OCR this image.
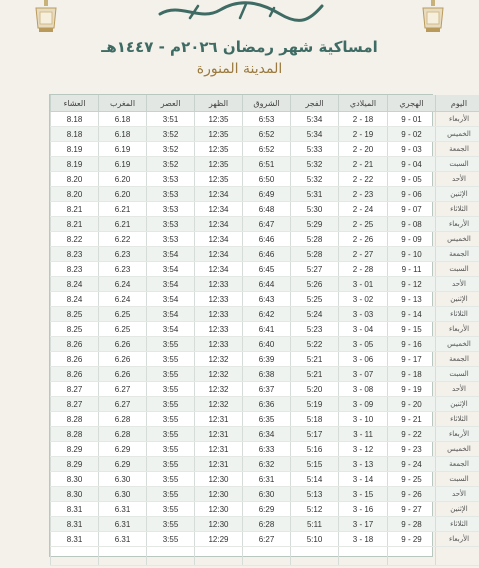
امساكية شهر رمضان ٢٠٢٦م - ١٤٤٧هـ
المدينة المنورة
اليوم	الهجري	الميلادي	الفجر	الشروق	الظهر	العصر	المغرب	العشاء
الأربعاء	9 - 01	2 - 18	5:34	6:53	12:35	3:51	6.18	8.18
الخميس	9 - 02	2 - 19	5:34	6:52	12:35	3:52	6.18	8.18
الجمعة	9 - 03	2 - 20	5:33	6:52	12:35	3:52	6.19	8.19
السبت	9 - 04	2 - 21	5:32	6:51	12:35	3:52	6.19	8.19
الأحد	9 - 05	2 - 22	5:32	6:50	12:35	3:53	6.20	8.20
الإثنين	9 - 06	2 - 23	5:31	6:49	12:34	3:53	6.20	8.20
الثلاثاء	9 - 07	2 - 24	5:30	6:48	12:34	3:53	6.21	8.21
الأربعاء	9 - 08	2 - 25	5:29	6:47	12:34	3:53	6.21	8.21
الخميس	9 - 09	2 - 26	5:28	6:46	12:34	3:53	6.22	8.22
الجمعة	9 - 10	2 - 27	5:28	6:46	12:34	3:54	6.23	8.23
السبت	9 - 11	2 - 28	5:27	6:45	12:34	3:54	6.23	8.23
الأحد	9 - 12	3 - 01	5:26	6:44	12:33	3:54	6.24	8.24
الإثنين	9 - 13	3 - 02	5:25	6:43	12:33	3:54	6.24	8.24
الثلاثاء	9 - 14	3 - 03	5:24	6:42	12:33	3:54	6.25	8.25
الأربعاء	9 - 15	3 - 04	5:23	6:41	12:33	3:54	6.25	8.25
الخميس	9 - 16	3 - 05	5:22	6:40	12:33	3:55	6.26	8.26
الجمعة	9 - 17	3 - 06	5:21	6:39	12:32	3:55	6.26	8.26
السبت	9 - 18	3 - 07	5:21	6:38	12:32	3:55	6.26	8.26
الأحد	9 - 19	3 - 08	5:20	6:37	12:32	3:55	6.27	8.27
الإثنين	9 - 20	3 - 09	5:19	6:36	12:32	3:55	6.27	8.27
الثلاثاء	9 - 21	3 - 10	5:18	6:35	12:31	3:55	6.28	8.28
الأربعاء	9 - 22	3 - 11	5:17	6:34	12:31	3:55	6.28	8.28
الخميس	9 - 23	3 - 12	5:16	6:33	12:31	3:55	6.29	8.29
الجمعة	9 - 24	3 - 13	5:15	6:32	12:31	3:55	6.29	8.29
السبت	9 - 25	3 - 14	5:14	6:31	12:30	3:55	6.30	8.30
الأحد	9 - 26	3 - 15	5:13	6:30	12:30	3:55	6.30	8.30
الإثنين	9 - 27	3 - 16	5:12	6:29	12:30	3:55	6.31	8.31
الثلاثاء	9 - 28	3 - 17	5:11	6:28	12:30	3:55	6.31	8.31
الأربعاء	9 - 29	3 - 18	5:10	6:27	12:29	3:55	6.31	8.31
